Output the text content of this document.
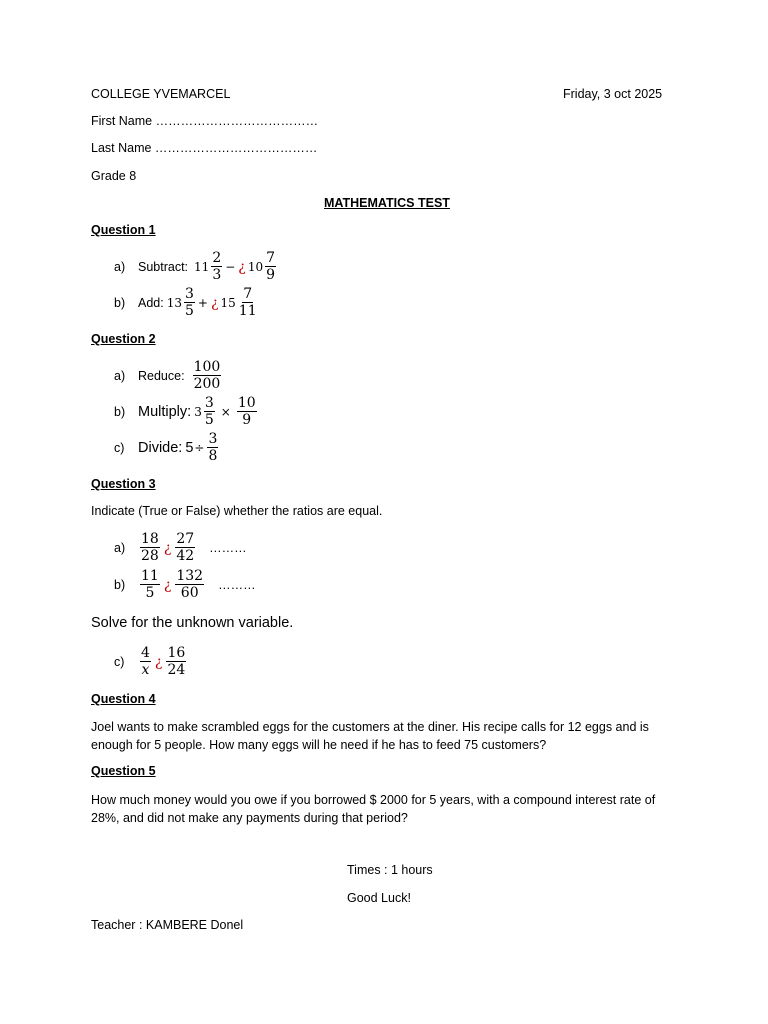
COLLEGE YVEMARCEL	Friday, 3 oct 2025
First Name …………………………………
Last Name …………………………………
Grade 8
MATHEMATICS TEST
Question 1
a)	Subtract: $11 \frac{2}{3}$ − ¿ $10 \frac{7}{9}$
b)	Add: $13 \frac{3}{5}$ + ¿ $15 \frac{7}{11}$
Question 2
a)	Reduce: $\frac{100}{200}$
b) Multiply: $3 \frac{3}{5} \times \frac{10}{9}$
c) Divide: $5 \div \frac{3}{8}$
Question 3
Indicate (True or False) whether the ratios are equal.
a)	$\frac{18}{28}$ ¿ $\frac{27}{42}$ ………
b)	$\frac{11}{5}$ ¿ $\frac{132}{60}$ ………
Solve for the unknown variable.
c)	$\frac{4}{x}$ ¿ $\frac{16}{24}$
Question 4
Joel wants to make scrambled eggs for the customers at the diner. His recipe calls for 12 eggs and is enough for 5 people. How many eggs will he need if he has to feed 75 customers?
Question 5
How much money would you owe if you borrowed $ 2000 for 5 years, with a compound interest rate of 28%, and did not make any payments during that period?
Times : 1 hours
Good Luck!
Teacher : KAMBERE Donel
